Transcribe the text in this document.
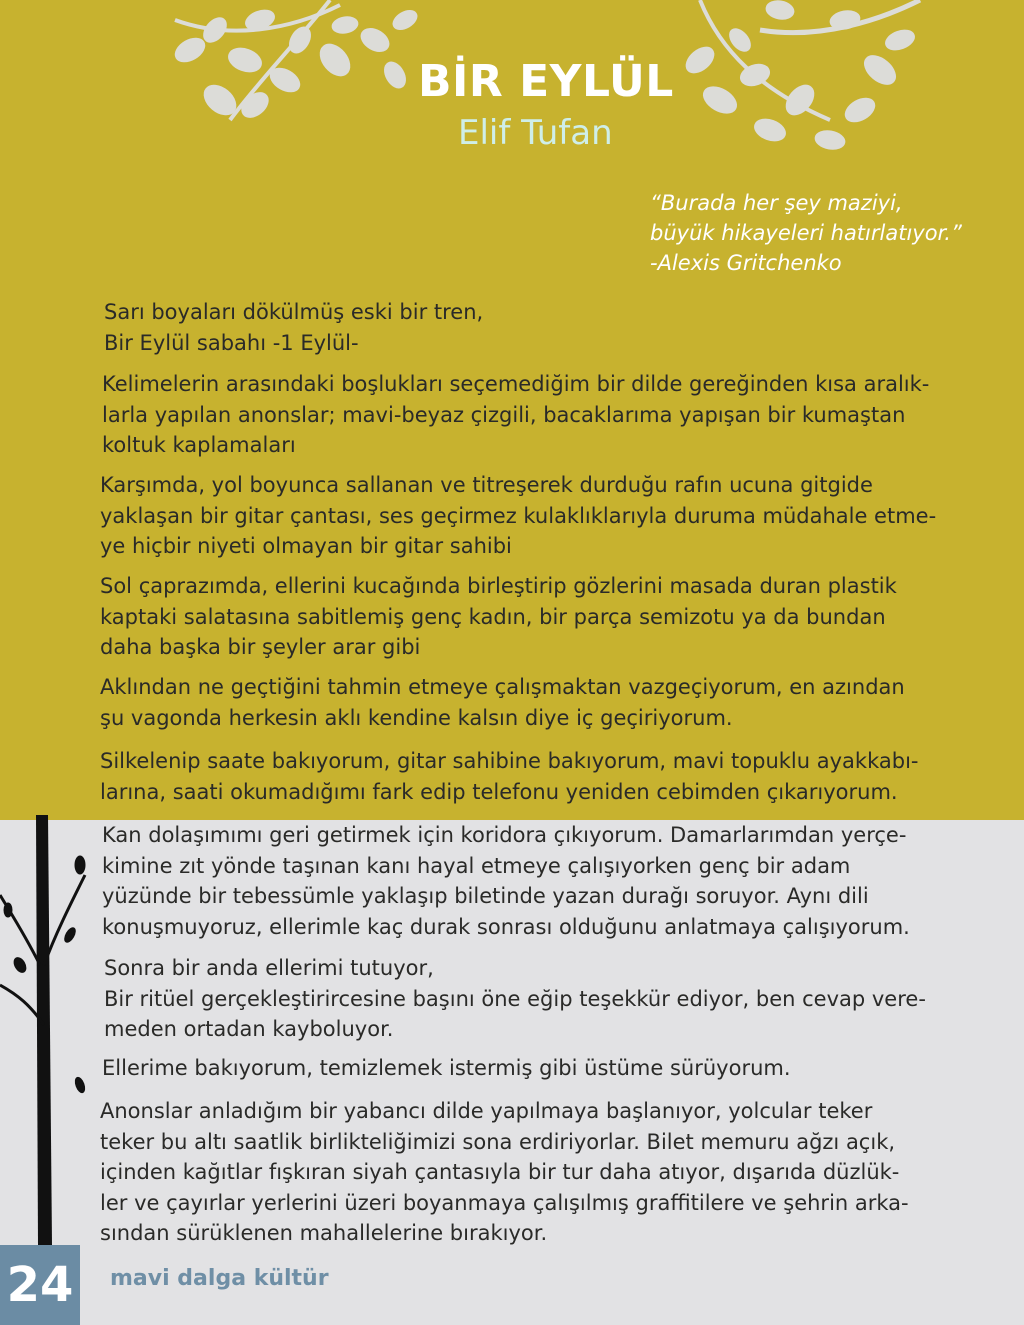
BİR EYLÜL
Elif Tufan
“Burada her şey maziyi,
büyük hikayeleri hatırlatıyor.”
-Alexis Gritchenko
Sarı boyaları dökülmüş eski bir tren,
Bir Eylül sabahı -1 Eylül-
Kelimelerin arasındaki boşlukları seçemediğim bir dilde gereğinden kısa aralık-
larla yapılan anonslar; mavi-beyaz çizgili, bacaklarıma yapışan bir kumaştan
koltuk kaplamaları
Karşımda, yol boyunca sallanan ve titreşerek durduğu rafın ucuna gitgide
yaklaşan bir gitar çantası, ses geçirmez kulaklıklarıyla duruma müdahale etme-
ye hiçbir niyeti olmayan bir gitar sahibi
Sol çaprazımda, ellerini kucağında birleştirip gözlerini masada duran plastik
kaptaki salatasına sabitlemiş genç kadın, bir parça semizotu ya da bundan
daha başka bir şeyler arar gibi
Aklından ne geçtiğini tahmin etmeye çalışmaktan vazgeçiyorum, en azından
şu vagonda herkesin aklı kendine kalsın diye iç geçiriyorum.
Silkelenip saate bakıyorum, gitar sahibine bakıyorum, mavi topuklu ayakkabı-
larına, saati okumadığımı fark edip telefonu yeniden cebimden çıkarıyorum.
Kan dolaşımımı geri getirmek için koridora çıkıyorum. Damarlarımdan yerçe-
kimine zıt yönde taşınan kanı hayal etmeye çalışıyorken genç bir adam
yüzünde bir tebessümle yaklaşıp biletinde yazan durağı soruyor. Aynı dili
konuşmuyoruz, ellerimle kaç durak sonrası olduğunu anlatmaya çalışıyorum.
Sonra bir anda ellerimi tutuyor,
Bir ritüel gerçekleştirircesine başını öne eğip teşekkür ediyor, ben cevap vere-
meden ortadan kayboluyor.
Ellerime bakıyorum, temizlemek istermiş gibi üstüme sürüyorum.
Anonslar anladığım bir yabancı dilde yapılmaya başlanıyor, yolcular teker
teker bu altı saatlik birlikteliğimizi sona erdiriyorlar. Bilet memuru ağzı açık,
içinden kağıtlar fışkıran siyah çantasıyla bir tur daha atıyor, dışarıda düzlük-
ler ve çayırlar yerlerini üzeri boyanmaya çalışılmış graffitilere ve şehrin arka-
sından sürüklenen mahallelerine bırakıyor.
24	mavi dalga kültür
